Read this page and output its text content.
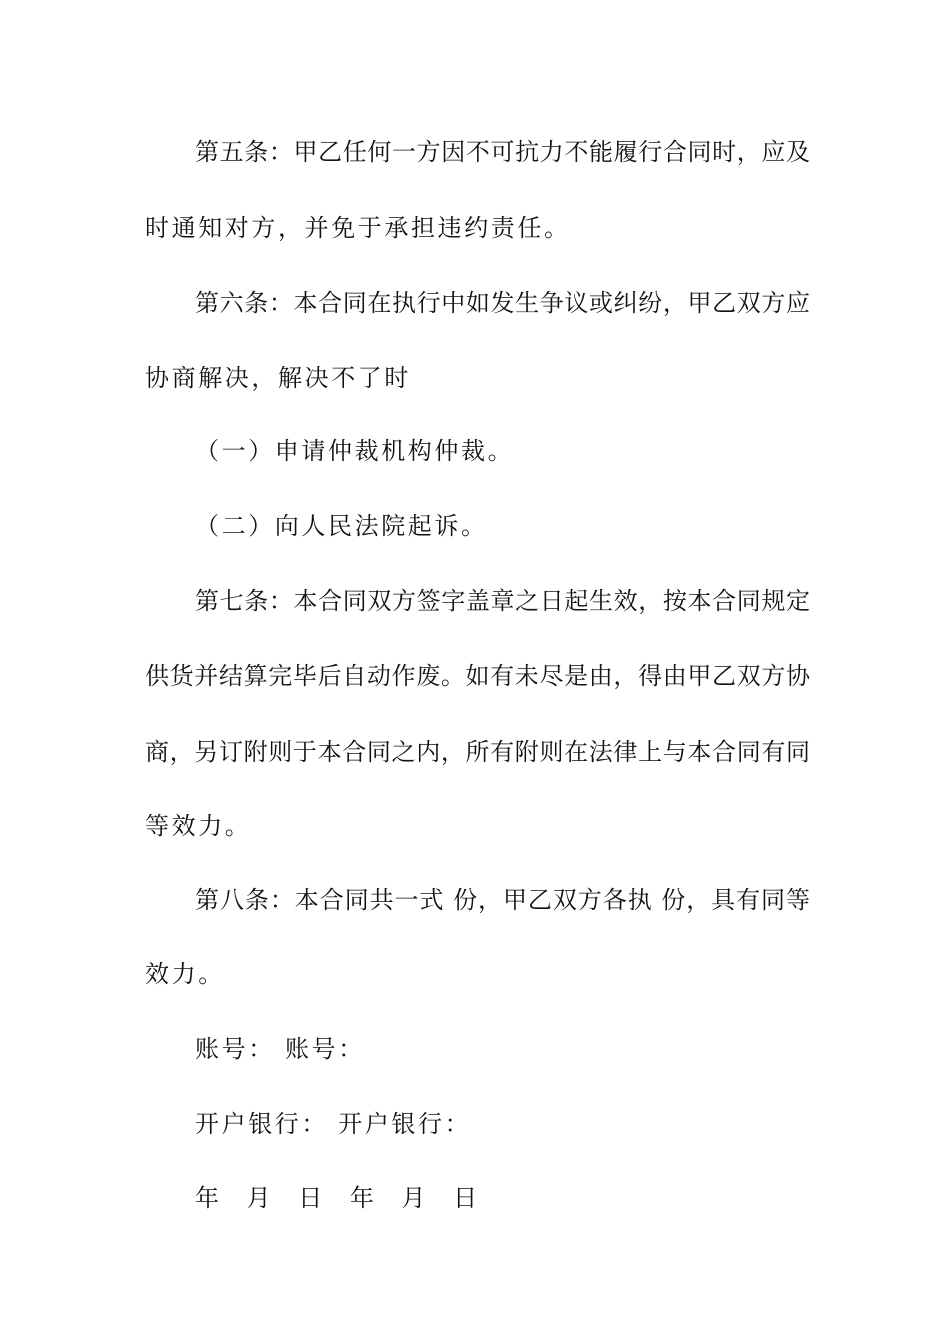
第五条：甲乙任何一方因不可抗力不能履行合同时，应及
时通知对方，并免于承担违约责任。
第六条：本合同在执行中如发生争议或纠纷，甲乙双方应
协商解决，解决不了时
（一）申请仲裁机构仲裁。
（二）向人民法院起诉。
第七条：本合同双方签字盖章之日起生效，按本合同规定
供货并结算完毕后自动作废。如有未尽是由，得由甲乙双方协
商，另订附则于本合同之内，所有附则在法律上与本合同有同
等效力。
第八条：本合同共一式 份，甲乙双方各执 份，具有同等
效力。
账号： 账号：
开户银行： 开户银行：
年 月 日 年 月 日
